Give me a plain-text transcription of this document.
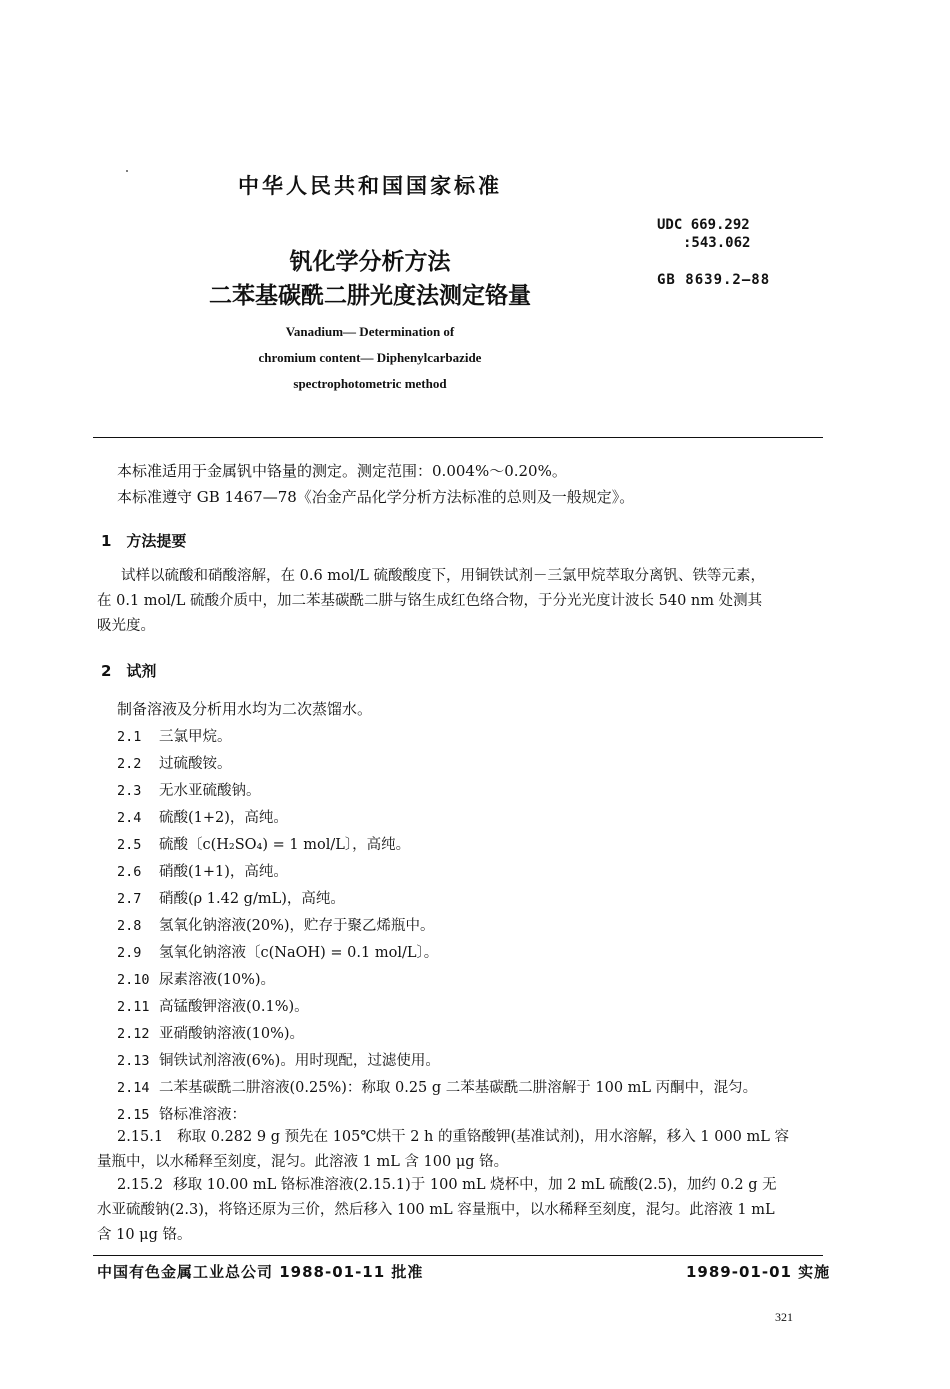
中华人民共和国国家标准
UDC 669.292
:543.062
GB 8639.2—88
钒化学分析方法
二苯基碳酰二肼光度法测定铬量
Vanadium— Determination of
chromium content— Diphenylcarbazide
spectrophotometric method
本标准适用于金属钒中铬量的测定。测定范围：0.004%～0.20%。
本标准遵守 GB 1467—78《冶金产品化学分析方法标准的总则及一般规定》。
1　方法提要
试样以硫酸和硝酸溶解，在 0.6 mol/L 硫酸酸度下，用铜铁试剂－三氯甲烷萃取分离钒、铁等元素，
在 0.1 mol/L 硫酸介质中，加二苯基碳酰二肼与铬生成红色络合物，于分光光度计波长 540 nm 处测其
吸光度。
2　试剂
制备溶液及分析用水均为二次蒸馏水。
2.1 三氯甲烷。
2.2 过硫酸铵。
2.3 无水亚硫酸钠。
2.4 硫酸(1+2)，高纯。
2.5 硫酸〔c(H₂SO₄) = 1 mol/L〕，高纯。
2.6 硝酸(1+1)，高纯。
2.7 硝酸(ρ 1.42 g/mL)，高纯。
2.8 氢氧化钠溶液(20%)，贮存于聚乙烯瓶中。
2.9 氢氧化钠溶液〔c(NaOH) = 0.1 mol/L〕。
2.10 尿素溶液(10%)。
2.11 高锰酸钾溶液(0.1%)。
2.12 亚硝酸钠溶液(10%)。
2.13 铜铁试剂溶液(6%)。用时现配，过滤使用。
2.14 二苯基碳酰二肼溶液(0.25%)：称取 0.25 g 二苯基碳酰二肼溶解于 100 mL 丙酮中，混匀。
2.15 铬标准溶液：
2.15.1 称取 0.282 9 g 预先在 105℃烘干 2 h 的重铬酸钾(基准试剂)，用水溶解，移入 1 000 mL 容
量瓶中，以水稀释至刻度，混匀。此溶液 1 mL 含 100 μg 铬。
2.15.2 移取 10.00 mL 铬标准溶液(2.15.1)于 100 mL 烧杯中，加 2 mL 硫酸(2.5)，加约 0.2 g 无
水亚硫酸钠(2.3)，将铬还原为三价，然后移入 100 mL 容量瓶中，以水稀释至刻度，混匀。此溶液 1 mL
含 10 μg 铬。
中国有色金属工业总公司 1988-01-11 批准	1989-01-01 实施
321
